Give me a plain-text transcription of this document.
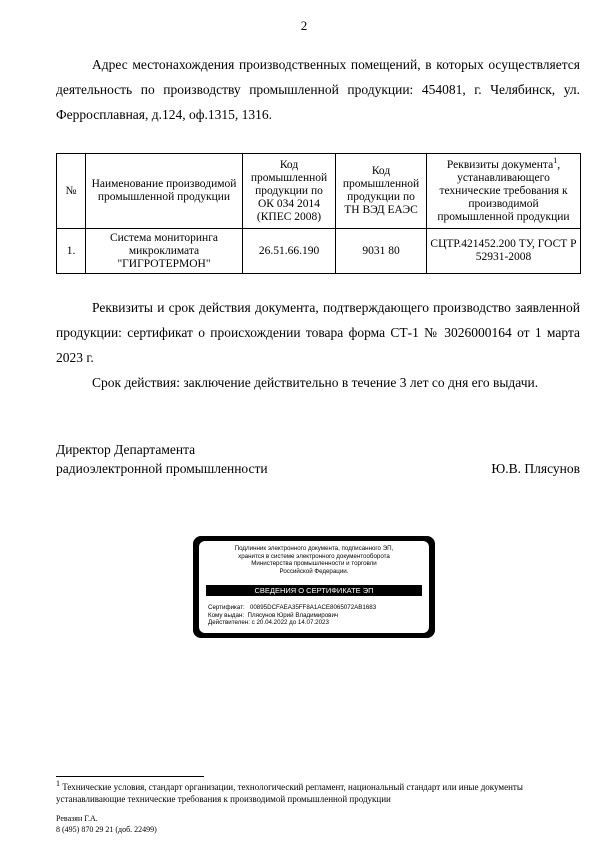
2

Адрес местонахождения производственных помещений, в которых осуществляется деятельность по производству промышленной продукции: 454081, г. Челябинск, ул. Ферросплавная, д.124, оф.1315, 1316.

№	Наименование производимой промышленной продукции	Код промышленной продукции по ОК 034 2014 (КПЕС 2008)	Код промышленной продукции по ТН ВЭД ЕАЭС	Реквизиты документа$^1$, устанавливающего технические требования к производимой промышленной продукции
1.	Система мониторинга микроклимата "ГИГРОТЕРМОН"	26.51.66.190	9031 80	СЦТР.421452.200 ТУ, ГОСТ Р 52931-2008

Реквизиты и срок действия документа, подтверждающего производство заявленной продукции: сертификат о происхождении товара форма СТ-1 № 3026000164 от 1 марта 2023 г.

Срок действия: заключение действительно в течение 3 лет со дня его выдачи.

Директор Департамента
радиоэлектронной промышленности	Ю.В. Плясунов
Подлинник электронного документа, подписанного ЭП,
хранится в системе электронного документооборота
Министерства промышленности и торговли
Российской Федерации.
СВЕДЕНИЯ О СЕРТИФИКАТЕ ЭП
Сертификат:   00895DCFAEA35FF8A1ACE8065072AB1683
Кому выдан:  Плясунов Юрий Владимирович
Действителен: с 20.04.2022 до 14.07.2023
$^1$ Технические условия, стандарт организации, технологический регламент, национальный стандарт или иные документы устанавливающие технические требования к производимой промышленной продукции
Ревазян Г.А.
8 (495) 870 29 21 (доб. 22499)
